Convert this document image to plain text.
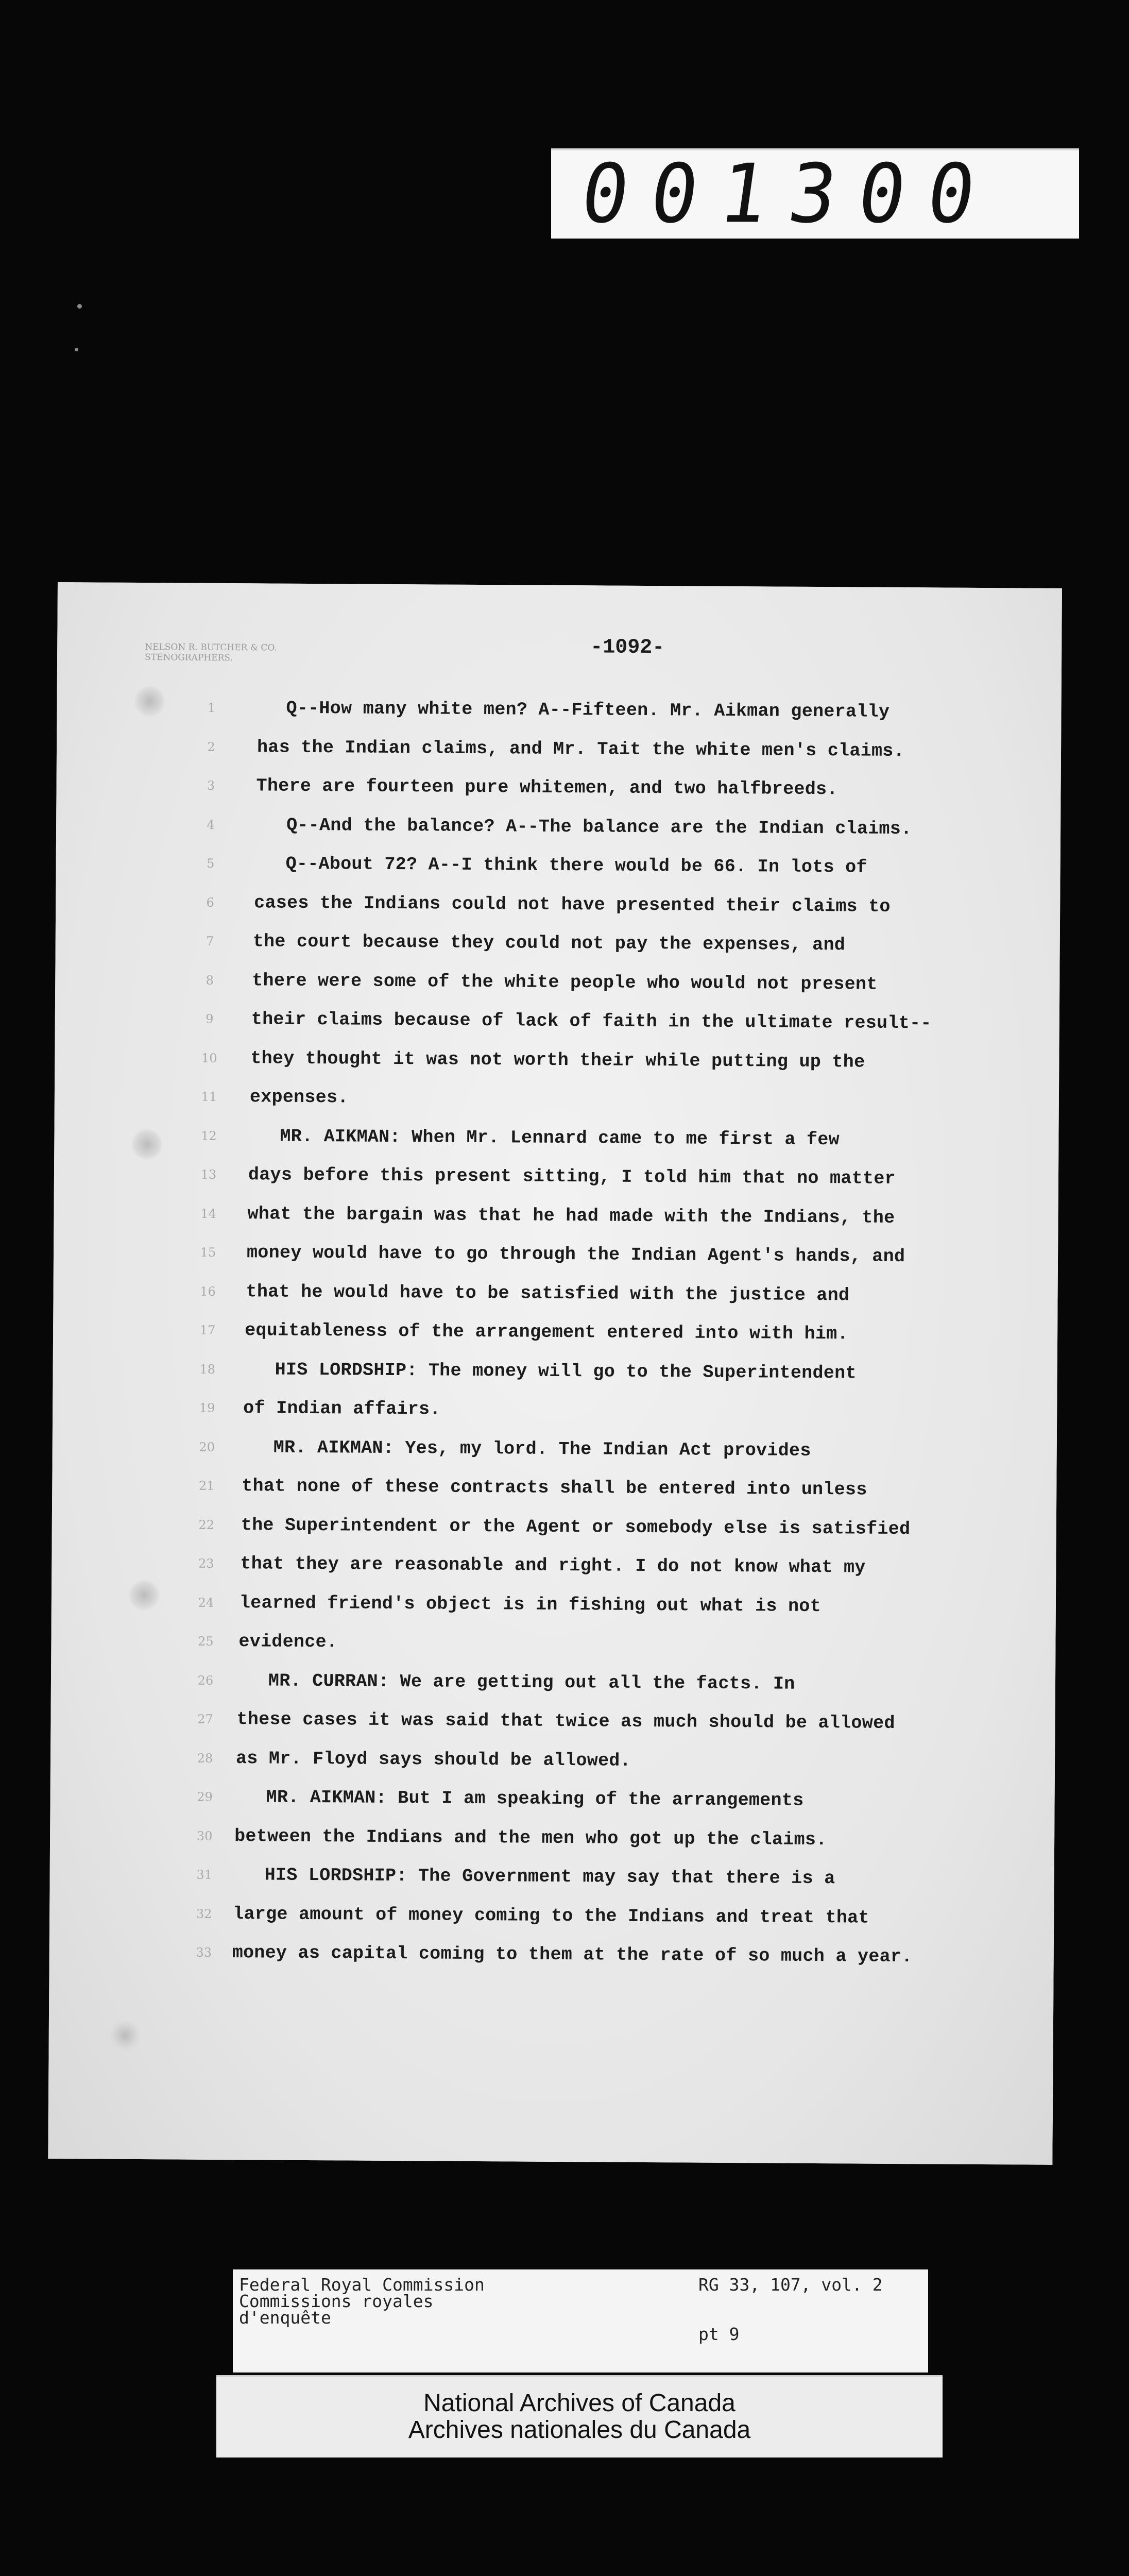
001300
NELSON R. BUTCHER & CO.
STENOGRAPHERS.	-1092-
1
2
3
4
5
6
7
8
9
10
11
12
13
14
15
16
17
18
19
20
21
22
23
24
25
26
27
28
29
30
31
32
33
Q--How many white men? A--Fifteen. Mr. Aikman generally
has the Indian claims, and Mr. Tait the white men's claims.
There are fourteen pure whitemen, and two halfbreeds.
Q--And the balance? A--The balance are the Indian claims.
Q--About 72? A--I think there would be 66. In lots of
cases the Indians could not have presented their claims to
the court because they could not pay the expenses, and
there were some of the white people who would not present
their claims because of lack of faith in the ultimate result--
they thought it was not worth their while putting up the
expenses.
MR. AIKMAN: When Mr. Lennard came to me first a few
days before this present sitting, I told him that no matter
what the bargain was that he had made with the Indians, the
money would have to go through the Indian Agent's hands, and
that he would have to be satisfied with the justice and
equitableness of the arrangement entered into with him.
HIS LORDSHIP: The money will go to the Superintendent
of Indian affairs.
MR. AIKMAN: Yes, my lord. The Indian Act provides
that none of these contracts shall be entered into unless
the Superintendent or the Agent or somebody else is satisfied
that they are reasonable and right. I do not know what my
learned friend's object is in fishing out what is not
evidence.
MR. CURRAN: We are getting out all the facts. In
these cases it was said that twice as much should be allowed
as Mr. Floyd says should be allowed.
MR. AIKMAN: But I am speaking of the arrangements
between the Indians and the men who got up the claims.
HIS LORDSHIP: The Government may say that there is a
large amount of money coming to the Indians and treat that
money as capital coming to them at the rate of so much a year.
Federal Royal Commission
Commissions royales
d'enquête
RG 33, 107, vol. 2
pt 9
National Archives of Canada
Archives nationales du Canada
